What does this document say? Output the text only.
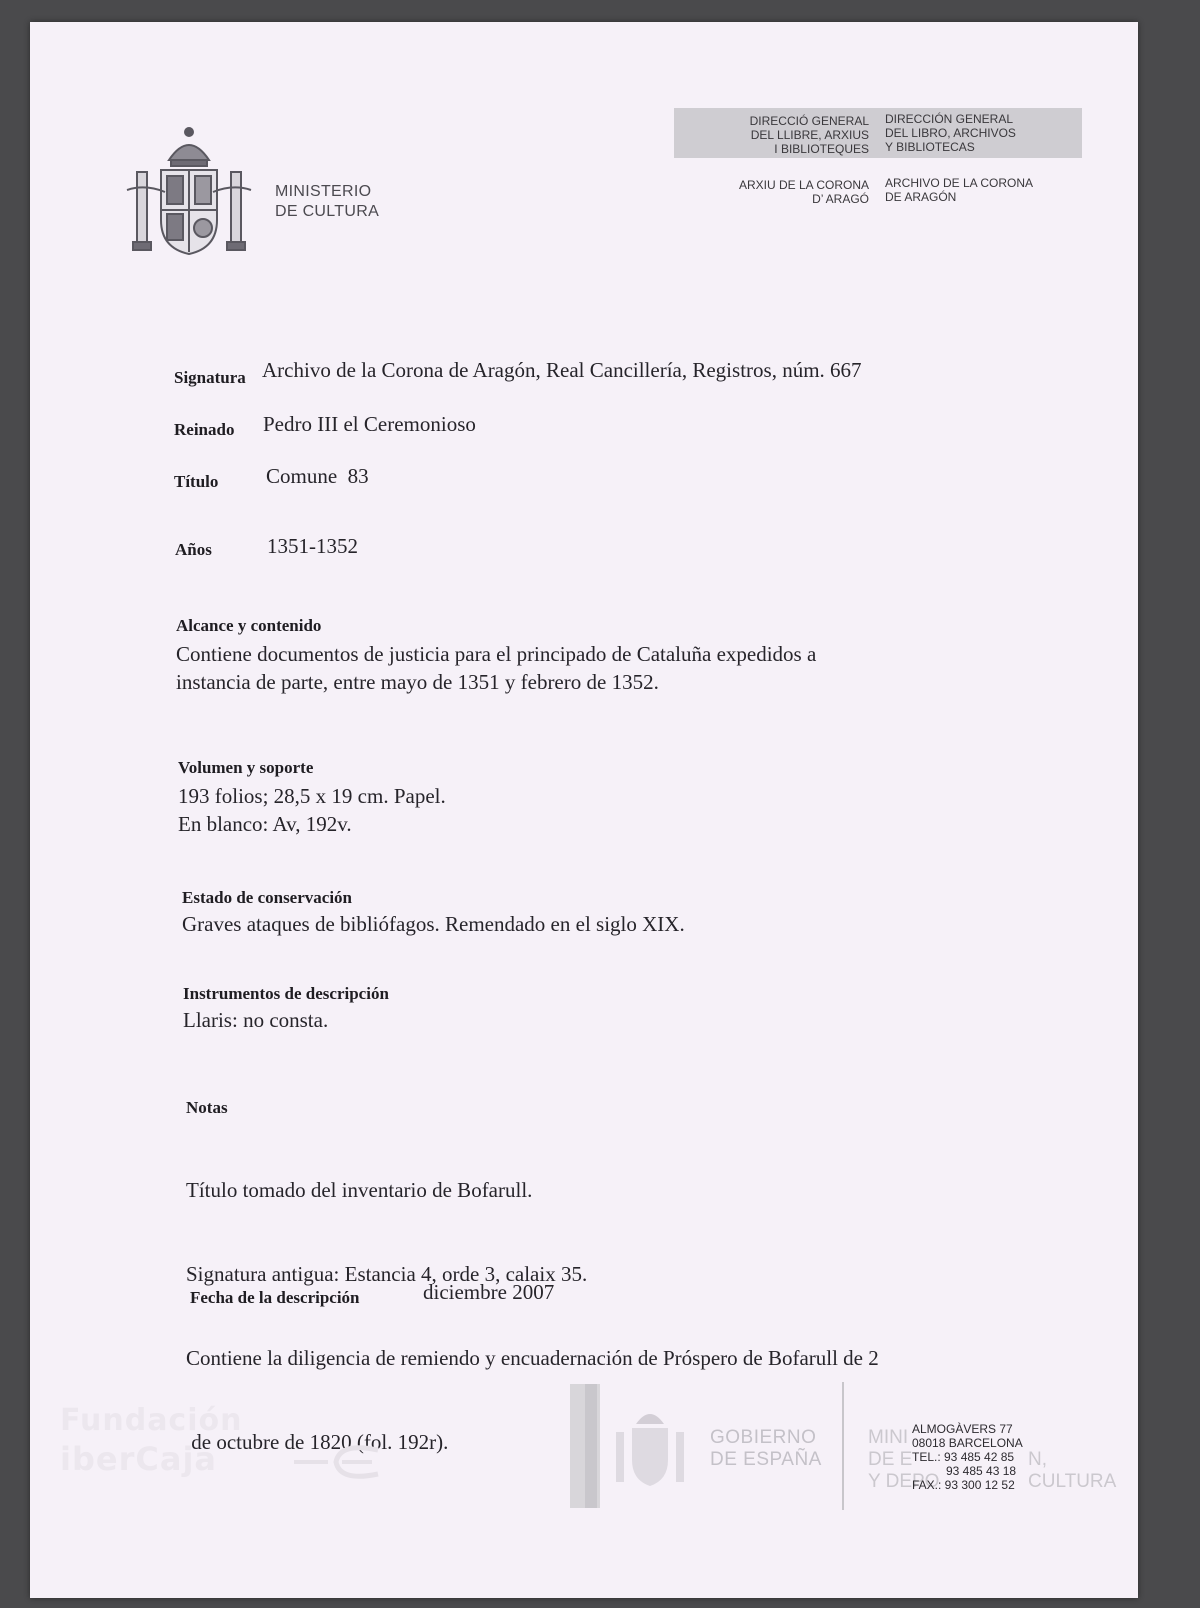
MINISTERIO
DE CULTURA
DIRECCIÓ GENERAL
DEL LLIBRE, ARXIUS
I BIBLIOTEQUES
DIRECCIÓN GENERAL
DEL LIBRO, ARCHIVOS
Y BIBLIOTECAS
ARXIU DE LA CORONA
D’ ARAGÓ
ARCHIVO DE LA CORONA
DE ARAGÓN
Signatura Archivo de la Corona de Aragón, Real Cancillería, Registros, núm. 667
Reinado Pedro III el Ceremonioso
Título Comune  83
Años	1351-1352
Alcance y contenido
Contiene documentos de justicia para el principado de Cataluña expedidos a
instancia de parte, entre mayo de 1351 y febrero de 1352.
Volumen y soporte
193 folios; 28,5 x 19 cm. Papel.
En blanco: Av, 192v.
Estado de conservación
Graves ataques de bibliófagos. Remendado en el siglo XIX.
Instrumentos de descripción
Llaris: no consta.
Notas

Título tomado del inventario de Bofarull.

Signatura antigua: Estancia 4, orde 3, calaix 35.

Contiene la diligencia de remiendo y encuadernación de Próspero de Bofarull de 2

de octubre de 1820 (fol. 192r).

Fecha de la descripción	diciembre 2007
Fundación
iberCaja
GOBIERNO
DE ESPAÑA
MINI
DE E
Y DEPO
N, CULTURA
ALMOGÀVERS 77
08018 BARCELONA
TEL.: 93 485 42 85
93 485 43 18
FAX.: 93 300 12 52
